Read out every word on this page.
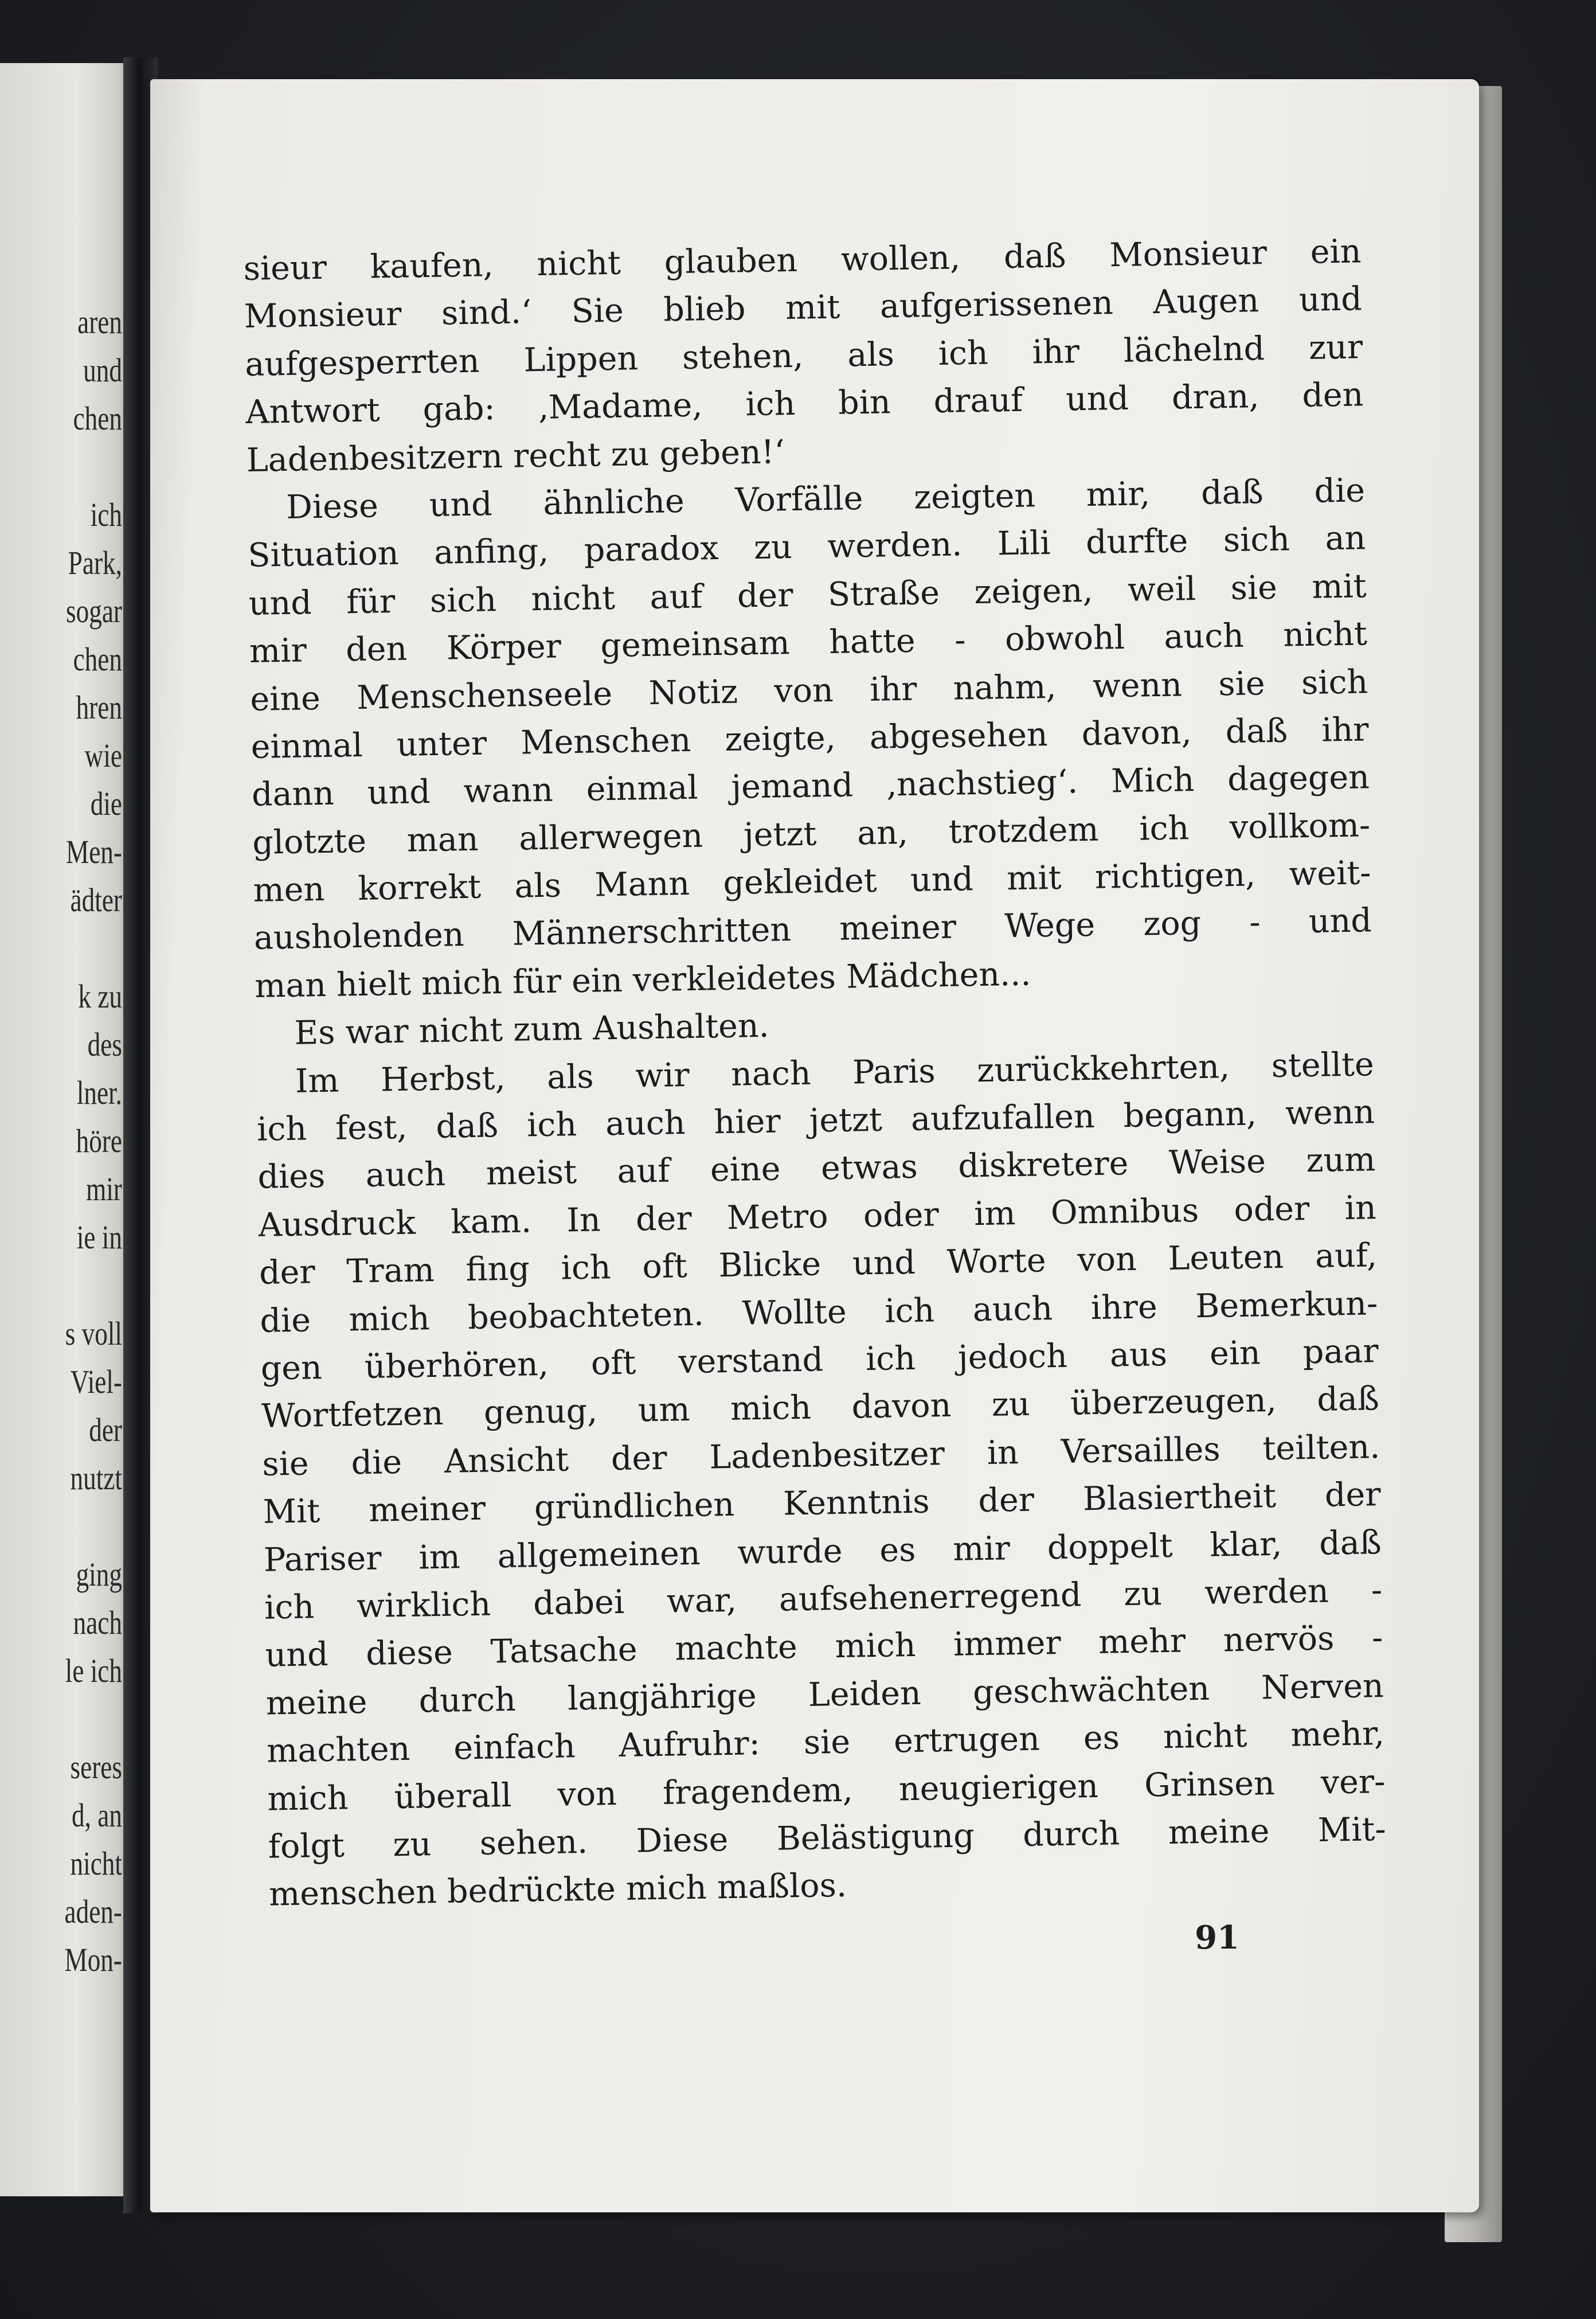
aren
und
chen
ich
Park,
sogar
chen
hren
wie
die
Men-
ädter
k zu
des
lner.
höre
mir
ie in
s voll
Viel-
der
nutzt
ging
nach
le ich
seres
d, an
nicht
aden-
Mon-
sieur kaufen, nicht glauben wollen, daß Monsieur ein
Monsieur sind.‘ Sie blieb mit aufgerissenen Augen und
aufgesperrten Lippen stehen, als ich ihr lächelnd zur
Antwort gab: ‚Madame, ich bin drauf und dran, den
Ladenbesitzern recht zu geben!‘
Diese und ähnliche Vorfälle zeigten mir, daß die
Situation anfing, paradox zu werden. Lili durfte sich an
und für sich nicht auf der Straße zeigen, weil sie mit
mir den Körper gemeinsam hatte - obwohl auch nicht
eine Menschenseele Notiz von ihr nahm, wenn sie sich
einmal unter Menschen zeigte, abgesehen davon, daß ihr
dann und wann einmal jemand ‚nachstieg‘. Mich dagegen
glotzte man allerwegen jetzt an, trotzdem ich vollkom-
men korrekt als Mann gekleidet und mit richtigen, weit-
ausholenden Männerschritten meiner Wege zog - und
man hielt mich für ein verkleidetes Mädchen...
Es war nicht zum Aushalten.
Im Herbst, als wir nach Paris zurückkehrten, stellte
ich fest, daß ich auch hier jetzt aufzufallen begann, wenn
dies auch meist auf eine etwas diskretere Weise zum
Ausdruck kam. In der Metro oder im Omnibus oder in
der Tram fing ich oft Blicke und Worte von Leuten auf,
die mich beobachteten. Wollte ich auch ihre Bemerkun-
gen überhören, oft verstand ich jedoch aus ein paar
Wortfetzen genug, um mich davon zu überzeugen, daß
sie die Ansicht der Ladenbesitzer in Versailles teilten.
Mit meiner gründlichen Kenntnis der Blasiertheit der
Pariser im allgemeinen wurde es mir doppelt klar, daß
ich wirklich dabei war, aufsehenerregend zu werden -
und diese Tatsache machte mich immer mehr nervös -
meine durch langjährige Leiden geschwächten Nerven
machten einfach Aufruhr: sie ertrugen es nicht mehr,
mich überall von fragendem, neugierigen Grinsen ver-
folgt zu sehen. Diese Belästigung durch meine Mit-
menschen bedrückte mich maßlos.
91
